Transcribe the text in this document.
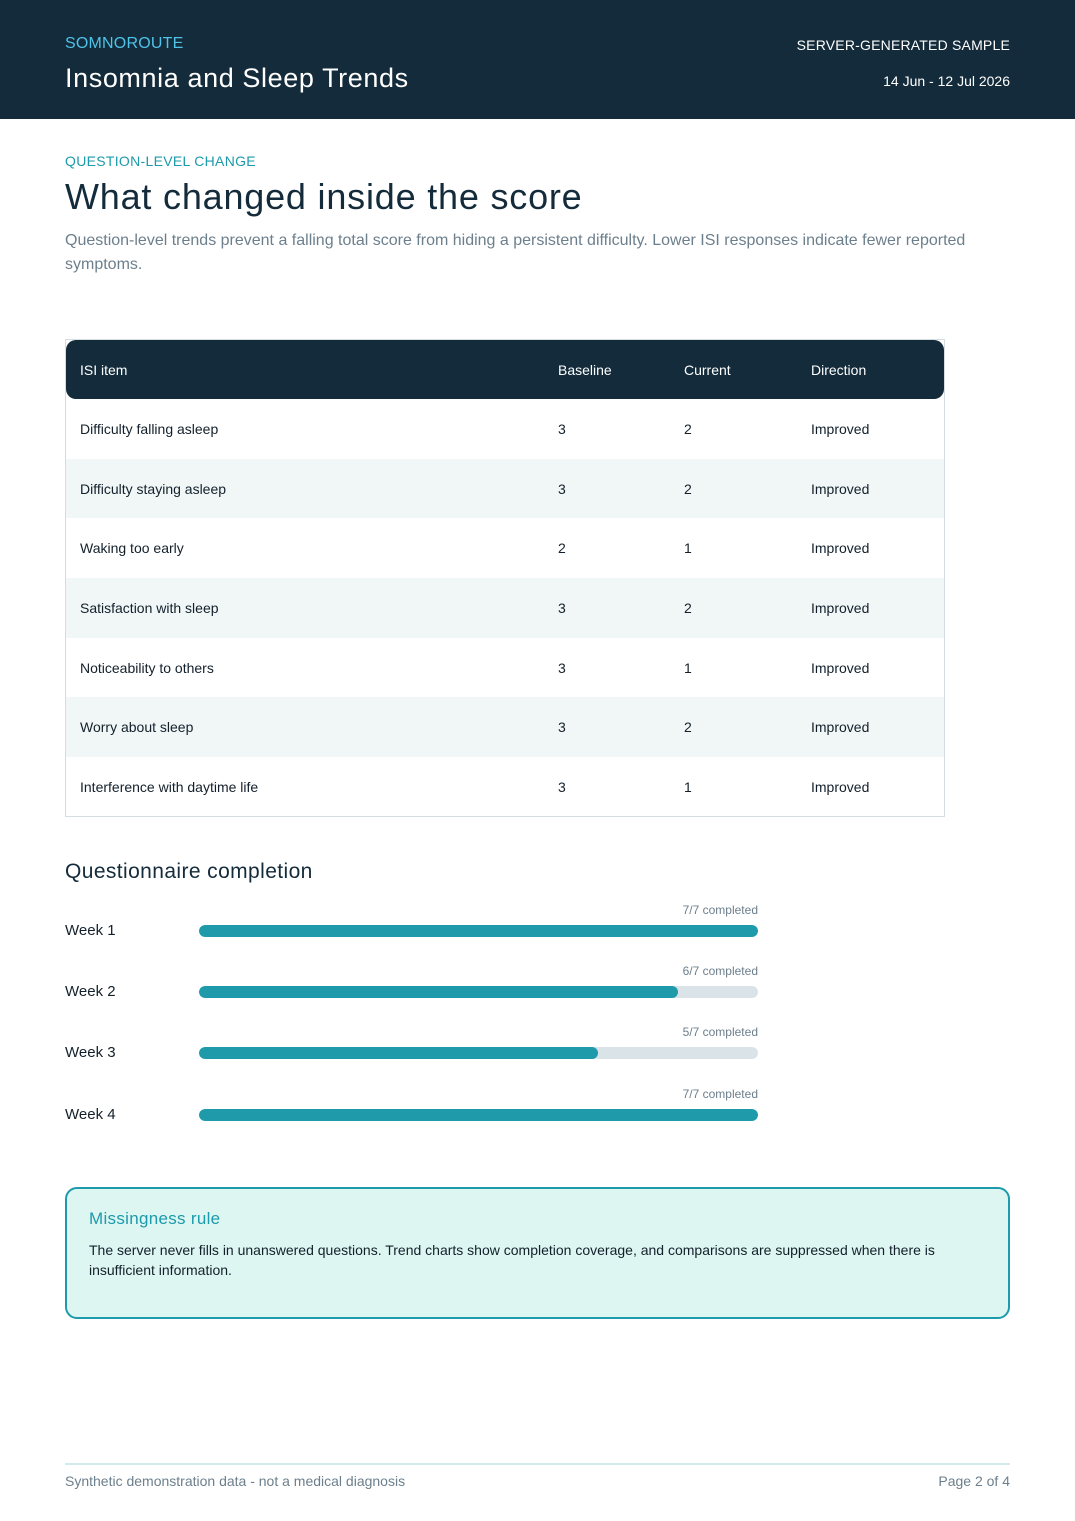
SOMNOROUTE
Insomnia and Sleep Trends
SERVER-GENERATED SAMPLE
14 Jun - 12 Jul 2026
QUESTION-LEVEL CHANGE
What changed inside the score

Question-level trends prevent a falling total score from hiding a persistent difficulty. Lower ISI responses indicate fewer reported symptoms.

ISI item	Baseline	Current	Direction
Difficulty falling asleep	3	2	Improved
Difficulty staying asleep	3	2	Improved
Waking too early	2	1	Improved
Satisfaction with sleep	3	2	Improved
Noticeability to others	3	1	Improved
Worry about sleep	3	2	Improved
Interference with daytime life	3	1	Improved
Questionnaire completion
Week 1
7/7 completed
Week 2
6/7 completed
Week 3
5/7 completed
Week 4
7/7 completed
Missingness rule
The server never fills in unanswered questions. Trend charts show completion coverage, and comparisons are suppressed when there is insufficient information.
Synthetic demonstration data - not a medical diagnosis	Page 2 of 4
